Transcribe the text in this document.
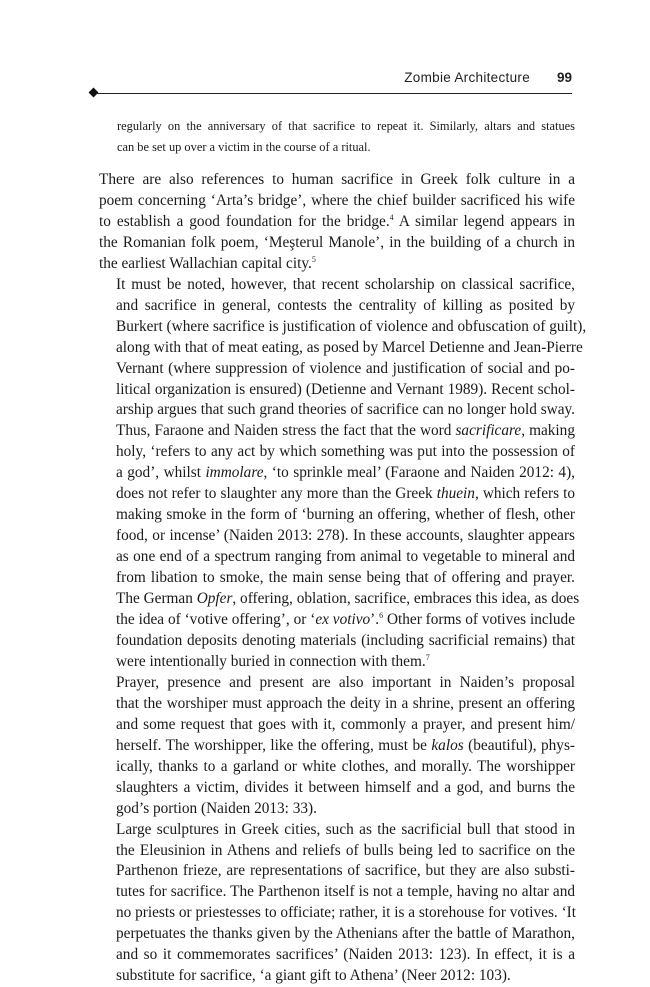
Zombie Architecture 99
regularly on the anniversary of that sacrifice to repeat it. Similarly, altars and statues
can be set up over a victim in the course of a ritual.
There are also references to human sacrifice in Greek folk culture in a
poem concerning ‘Arta’s bridge’, where the chief builder sacrificed his wife
to establish a good foundation for the bridge.$^4$ A similar legend appears in
the Romanian folk poem, ‘Meşterul Manole’, in the building of a church in
the earliest Wallachian capital city.$^5$
It must be noted, however, that recent scholarship on classical sacrifice,
and sacrifice in general, contests the centrality of killing as posited by
Burkert (where sacrifice is justification of violence and obfuscation of guilt),
along with that of meat eating, as posed by Marcel Detienne and Jean-Pierre
Vernant (where suppression of violence and justification of social and po-
litical organization is ensured) (Detienne and Vernant 1989). Recent schol-
arship argues that such grand theories of sacrifice can no longer hold sway.
Thus, Faraone and Naiden stress the fact that the word sacrificare, making
holy, ‘refers to any act by which something was put into the possession of
a god’, whilst immolare, ‘to sprinkle meal’ (Faraone and Naiden 2012: 4),
does not refer to slaughter any more than the Greek thuein, which refers to
making smoke in the form of ‘burning an offering, whether of flesh, other
food, or incense’ (Naiden 2013: 278). In these accounts, slaughter appears
as one end of a spectrum ranging from animal to vegetable to mineral and
from libation to smoke, the main sense being that of offering and prayer.
The German Opfer, offering, oblation, sacrifice, embraces this idea, as does
the idea of ‘votive offering’, or ‘ex votivo’.$^6$ Other forms of votives include
foundation deposits denoting materials (including sacrificial remains) that
were intentionally buried in connection with them.$^7$
Prayer, presence and present are also important in Naiden’s proposal
that the worshiper must approach the deity in a shrine, present an offering
and some request that goes with it, commonly a prayer, and present him/
herself. The worshipper, like the offering, must be kalos (beautiful), phys-
ically, thanks to a garland or white clothes, and morally. The worshipper
slaughters a victim, divides it between himself and a god, and burns the
god’s portion (Naiden 2013: 33).
Large sculptures in Greek cities, such as the sacrificial bull that stood in
the Eleusinion in Athens and reliefs of bulls being led to sacrifice on the
Parthenon frieze, are representations of sacrifice, but they are also substi-
tutes for sacrifice. The Parthenon itself is not a temple, having no altar and
no priests or priestesses to officiate; rather, it is a storehouse for votives. ‘It
perpetuates the thanks given by the Athenians after the battle of Marathon,
and so it commemorates sacrifices’ (Naiden 2013: 123). In effect, it is a
substitute for sacrifice, ‘a giant gift to Athena’ (Neer 2012: 103).
